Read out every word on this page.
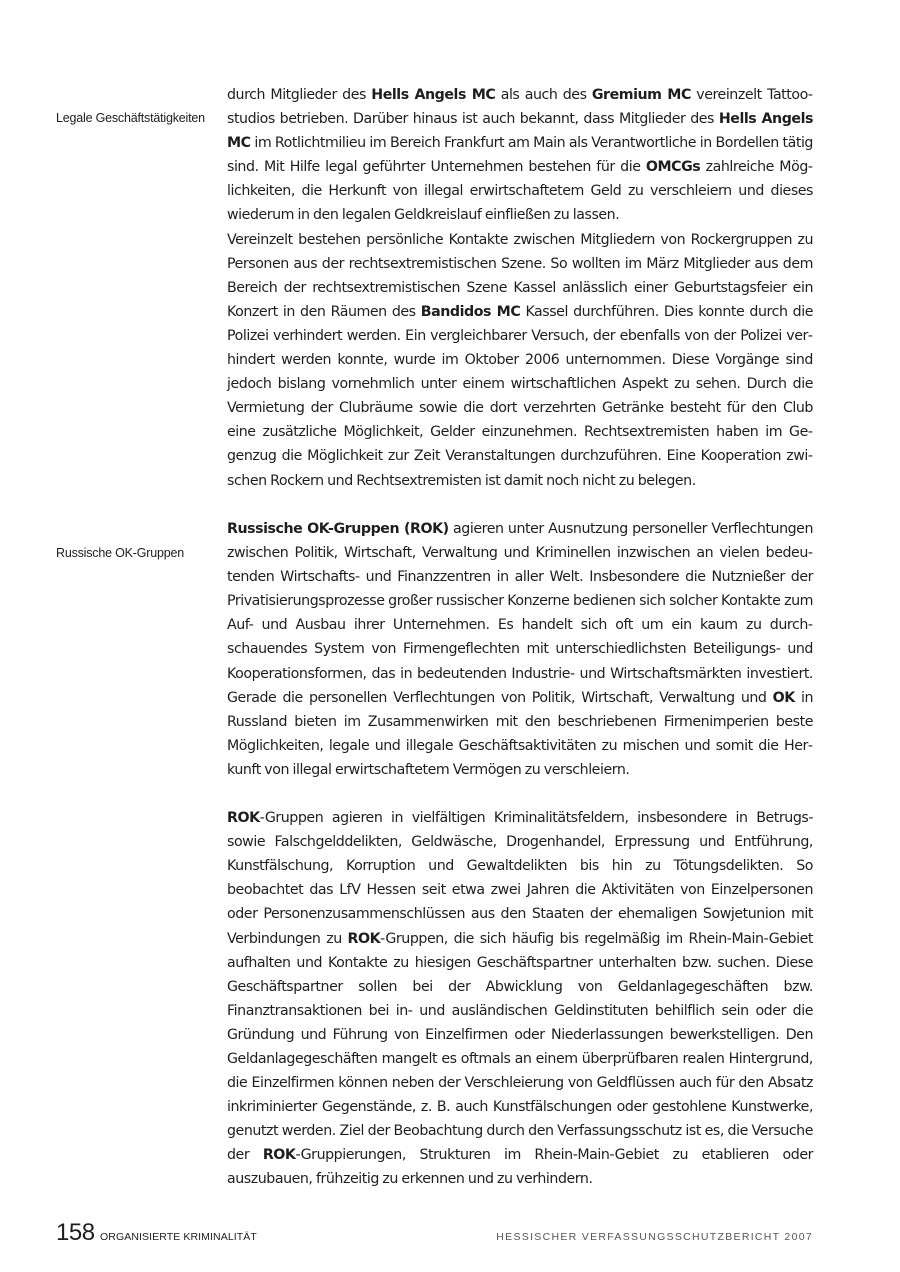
Legale Geschäftstätigkeiten
Russische OK-Gruppen

durch Mitglieder des Hells Angels MC als auch des Gremium MC vereinzelt Tattoostudios betrieben. Darüber hinaus ist auch bekannt, dass Mitglieder des Hells Angels MC im Rotlichtmilieu im Bereich Frankfurt am Main als Verantwortliche in Bordellen tätig sind. Mit Hilfe legal geführter Unternehmen bestehen für die OMCGs zahlreiche Möglichkeiten, die Herkunft von illegal erwirtschaftetem Geld zu verschleiern und dieses wiederum in den legalen Geldkreislauf einfließen zu lassen.

Vereinzelt bestehen persönliche Kontakte zwischen Mitgliedern von Rockergruppen zu Personen aus der rechtsextremistischen Szene. So wollten im März Mitglieder aus dem Bereich der rechtsextremistischen Szene Kassel anlässlich einer Geburtstagsfeier ein Konzert in den Räumen des Bandidos MC Kassel durchführen. Dies konnte durch die Polizei verhindert werden. Ein vergleichbarer Versuch, der ebenfalls von der Polizei verhindert werden konnte, wurde im Oktober 2006 unternommen. Diese Vorgänge sind jedoch bislang vornehmlich unter einem wirtschaftlichen Aspekt zu sehen. Durch die Vermietung der Clubräume sowie die dort verzehrten Getränke besteht für den Club eine zusätzliche Möglichkeit, Gelder einzunehmen. Rechtsextremisten haben im Gegenzug die Möglichkeit zur Zeit Veranstaltungen durchzuführen. Eine Kooperation zwischen Rockern und Rechtsextremisten ist damit noch nicht zu belegen.

Russische OK-Gruppen (ROK) agieren unter Ausnutzung personeller Verflechtungen zwischen Politik, Wirtschaft, Verwaltung und Kriminellen inzwischen an vielen bedeutenden Wirtschafts- und Finanzzentren in aller Welt. Insbesondere die Nutznießer der Privatisierungsprozesse großer russischer Konzerne bedienen sich solcher Kontakte zum Auf- und Ausbau ihrer Unternehmen. Es handelt sich oft um ein kaum zu durchschauendes System von Firmengeflechten mit unterschiedlichsten Beteiligungs- und Kooperationsformen, das in bedeutenden Industrie- und Wirtschaftsmärkten investiert. Gerade die personellen Verflechtungen von Politik, Wirtschaft, Verwaltung und OK in Russland bieten im Zusammenwirken mit den beschriebenen Firmenimperien beste Möglichkeiten, legale und illegale Geschäftsaktivitäten zu mischen und somit die Herkunft von illegal erwirtschaftetem Vermögen zu verschleiern.

ROK-Gruppen agieren in vielfältigen Kriminalitätsfeldern, insbesondere in Betrugs- sowie Falschgelddelikten, Geldwäsche, Drogenhandel, Erpressung und Entführung, Kunstfälschung, Korruption und Gewaltdelikten bis hin zu Tötungsdelikten. So beobachtet das LfV Hessen seit etwa zwei Jahren die Aktivitäten von Einzelpersonen oder Personenzusammenschlüssen aus den Staaten der ehemaligen Sowjetunion mit Verbindungen zu ROK-Gruppen, die sich häufig bis regelmäßig im Rhein-Main-Gebiet aufhalten und Kontakte zu hiesigen Geschäftspartner unterhalten bzw. suchen. Diese Geschäftspartner sollen bei der Abwicklung von Geldanlagegeschäften bzw. Finanztransaktionen bei in- und ausländischen Geldinstituten behilflich sein oder die Gründung und Führung von Einzelfirmen oder Niederlassungen bewerkstelligen. Den Geldanlagegeschäften mangelt es oftmals an einem überprüfbaren realen Hintergrund, die Einzelfirmen können neben der Verschleierung von Geldflüssen auch für den Absatz inkriminierter Gegenstände, z. B. auch Kunstfälschungen oder gestohlene Kunstwerke, genutzt werden. Ziel der Beobachtung durch den Verfassungsschutz ist es, die Versuche der ROK-Gruppierungen, Strukturen im Rhein-Main-Gebiet zu etablieren oder auszubauen, frühzeitig zu erkennen und zu verhindern.

158 ORGANISIERTE KRIMINALITÄT	HESSISCHER VERFASSUNGSSCHUTZBERICHT 2007
